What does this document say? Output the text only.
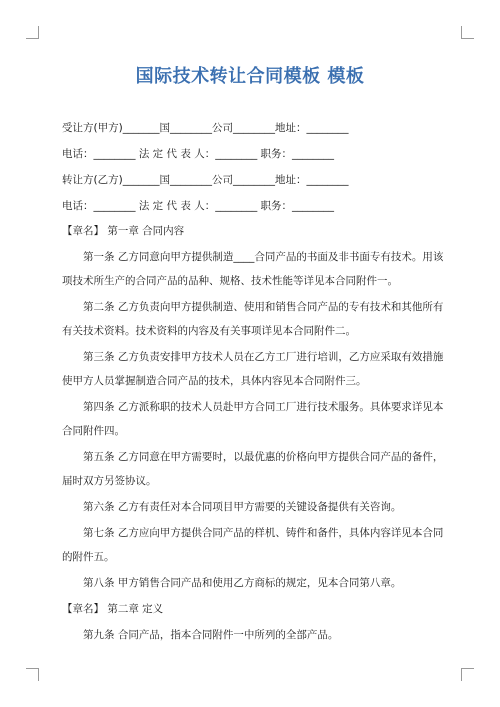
国际技术转让合同模板 模板
受让方(甲方)_______国________公司________地址：________
电话：________ 法 定 代 表 人：________ 职务：________
转让方(乙方)_______国________公司________地址：________
电话：________ 法 定 代 表 人：________ 职务：________
【章名】 第一章 合同内容
第一条 乙方同意向甲方提供制造____合同产品的书面及非书面专有技术。用该项技术所生产的合同产品的品种、规格、技术性能等详见本合同附件一。
第二条 乙方负责向甲方提供制造、使用和销售合同产品的专有技术和其他所有有关技术资料。技术资料的内容及有关事项详见本合同附件二。
第三条 乙方负责安排甲方技术人员在乙方工厂进行培训，乙方应采取有效措施使甲方人员掌握制造合同产品的技术，具体内容见本合同附件三。
第四条 乙方派称职的技术人员赴甲方合同工厂进行技术服务。具体要求详见本合同附件四。
第五条 乙方同意在甲方需要时，以最优惠的价格向甲方提供合同产品的备件，届时双方另签协议。
第六条 乙方有责任对本合同项目甲方需要的关键设备提供有关咨询。
第七条 乙方应向甲方提供合同产品的样机、铸件和备件，具体内容详见本合同的附件五。
第八条 甲方销售合同产品和使用乙方商标的规定，见本合同第八章。
【章名】 第二章 定义
第九条 合同产品，指本合同附件一中所列的全部产品。
